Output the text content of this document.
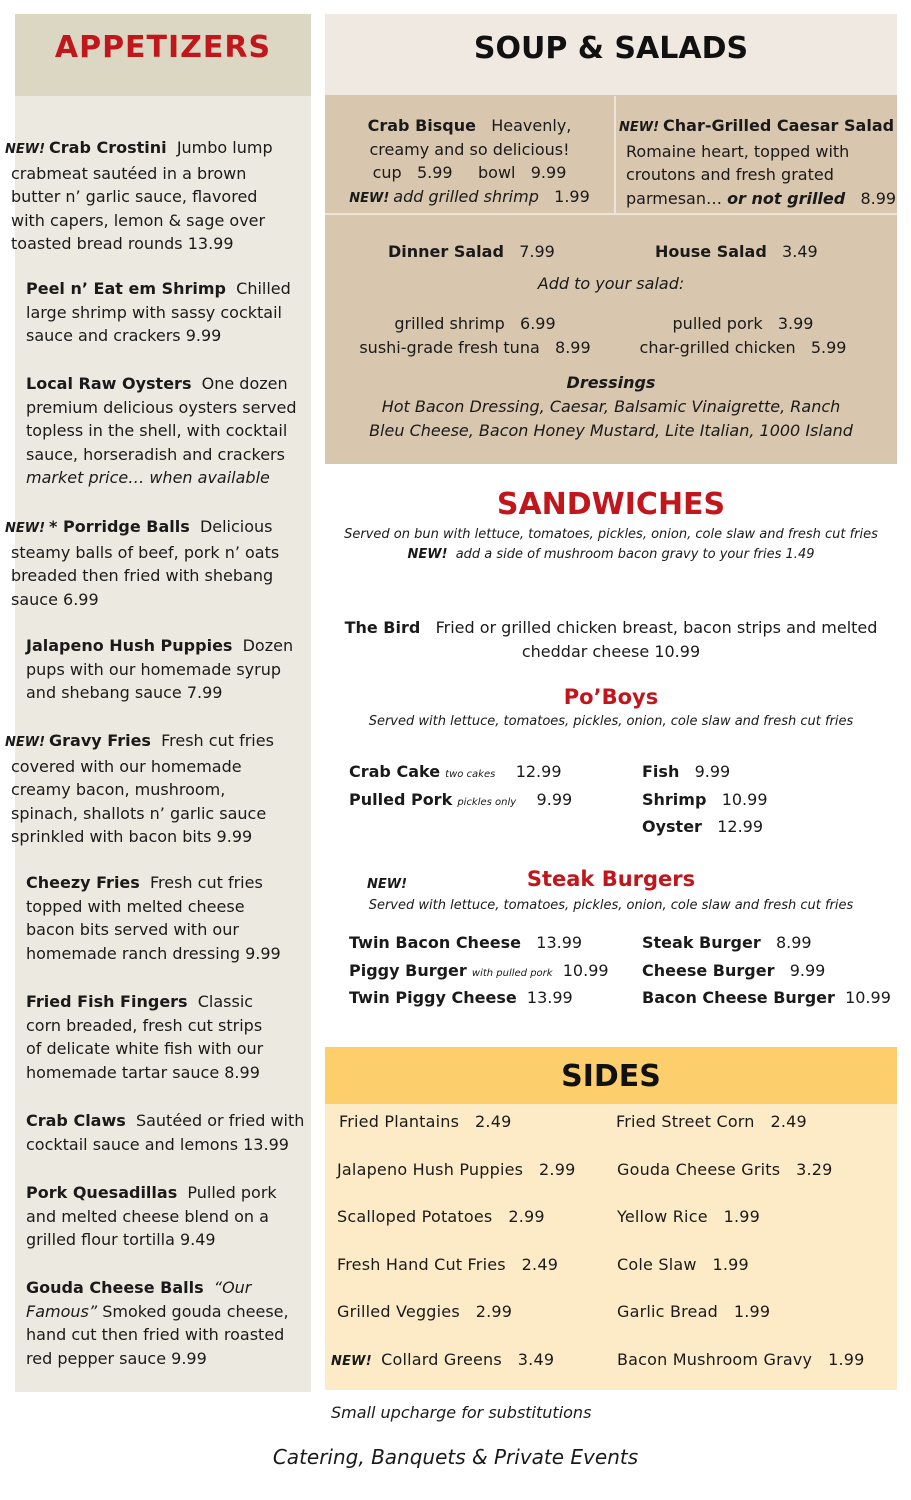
APPETIZERS
NEW! Crab Crostini Jumbo lump
crabmeat sautéed in a brown
butter n’ garlic sauce, flavored
with capers, lemon & sage over
toasted bread rounds 13.99
Peel n’ Eat em Shrimp Chilled
large shrimp with sassy cocktail
sauce and crackers 9.99
Local Raw Oysters One dozen
premium delicious oysters served
topless in the shell, with cocktail
sauce, horseradish and crackers
market price… when available
NEW! * Porridge Balls Delicious
steamy balls of beef, pork n’ oats
breaded then fried with shebang
sauce 6.99
Jalapeno Hush Puppies Dozen
pups with our homemade syrup
and shebang sauce 7.99
NEW! Gravy Fries Fresh cut fries
covered with our homemade
creamy bacon, mushroom,
spinach, shallots n’ garlic sauce
sprinkled with bacon bits 9.99
Cheezy Fries Fresh cut fries
topped with melted cheese
bacon bits served with our
homemade ranch dressing 9.99
Fried Fish Fingers Classic
corn breaded, fresh cut strips
of delicate white fish with our
homemade tartar sauce 8.99
Crab Claws Sautéed or fried with
cocktail sauce and lemons 13.99
Pork Quesadillas Pulled pork
and melted cheese blend on a
grilled flour tortilla 9.49
Gouda Cheese Balls “Our
Famous” Smoked gouda cheese,
hand cut then fried with roasted
red pepper sauce 9.99
SOUP & SALADS
Crab Bisque Heavenly,
creamy and so delicious!
cup   5.99     bowl   9.99
NEW! add grilled shrimp 1.99
NEW! Char-Grilled Caesar Salad
Romaine heart, topped with
croutons and fresh grated
parmesan… or not grilled 8.99
Dinner Salad 7.99	House Salad 3.49
Add to your salad:
grilled shrimp   6.99	pulled pork   3.99
sushi-grade fresh tuna   8.99	char-grilled chicken   5.99
Dressings
Hot Bacon Dressing, Caesar, Balsamic Vinaigrette, Ranch
Bleu Cheese, Bacon Honey Mustard, Lite Italian, 1000 Island
SANDWICHES
Served on bun with lettuce, tomatoes, pickles, onion, cole slaw and fresh cut fries
NEW! add a side of mushroom bacon gravy to your fries 1.49
The Bird Fried or grilled chicken breast, bacon strips and melted
cheddar cheese 10.99
Po’Boys
Served with lettuce, tomatoes, pickles, onion, cole slaw and fresh cut fries
Crab Cake two cakes 12.99
Pulled Pork pickles only 9.99
Fish 9.99
Shrimp 10.99
Oyster 12.99
NEW!	Steak Burgers
Served with lettuce, tomatoes, pickles, onion, cole slaw and fresh cut fries
Twin Bacon Cheese 13.99
Piggy Burger with pulled pork 10.99
Twin Piggy Cheese 13.99
Steak Burger 8.99
Cheese Burger 9.99
Bacon Cheese Burger 10.99
SIDES
Fried Plantains   2.49
Jalapeno Hush Puppies   2.99
Scalloped Potatoes   2.99
Fresh Hand Cut Fries   2.49
Grilled Veggies   2.99
NEW! Collard Greens   3.49
Fried Street Corn   2.49
Gouda Cheese Grits   3.29
Yellow Rice   1.99
Cole Slaw   1.99
Garlic Bread   1.99
Bacon Mushroom Gravy   1.99
Small upcharge for substitutions
Catering, Banquets & Private Events
